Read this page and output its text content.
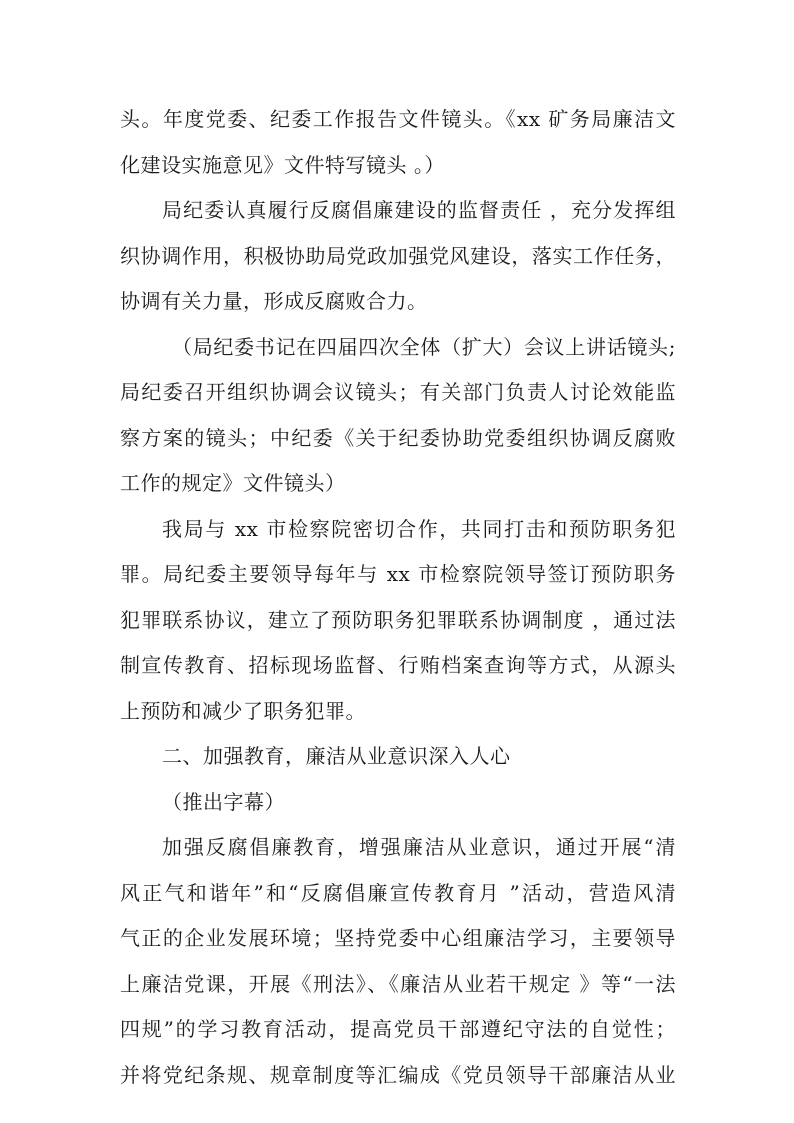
头。年度党委、纪委工作报告文件镜头。《xx 矿务局廉洁文
化建设实施意见》文件特写镜头 。）
局纪委认真履行反腐倡廉建设的监督责任 ，充分发挥组
织协调作用，积极协助局党政加强党风建设，落实工作任务，
协调有关力量，形成反腐败合力。
（局纪委书记在四届四次全体（扩大）会议上讲话镜头;
局纪委召开组织协调会议镜头；有关部门负责人讨论效能监
察方案的镜头；中纪委《关于纪委协助党委组织协调反腐败
工作的规定》文件镜头）
我局与 xx 市检察院密切合作，共同打击和预防职务犯
罪。局纪委主要领导每年与 xx 市检察院领导签订预防职务
犯罪联系协议，建立了预防职务犯罪联系协调制度 ，通过法
制宣传教育、招标现场监督、行贿档案查询等方式，从源头
上预防和减少了职务犯罪。
二、加强教育，廉洁从业意识深入人心
（推出字幕）
加强反腐倡廉教育，增强廉洁从业意识，通过开展“清
风正气和谐年”和“反腐倡廉宣传教育月 ”活动，营造风清
气正的企业发展环境；坚持党委中心组廉洁学习，主要领导
上廉洁党课，开展《刑法》、《廉洁从业若干规定 》等“一法
四规”的学习教育活动，提高党员干部遵纪守法的自觉性；
并将党纪条规、规章制度等汇编成《党员领导干部廉洁从业
